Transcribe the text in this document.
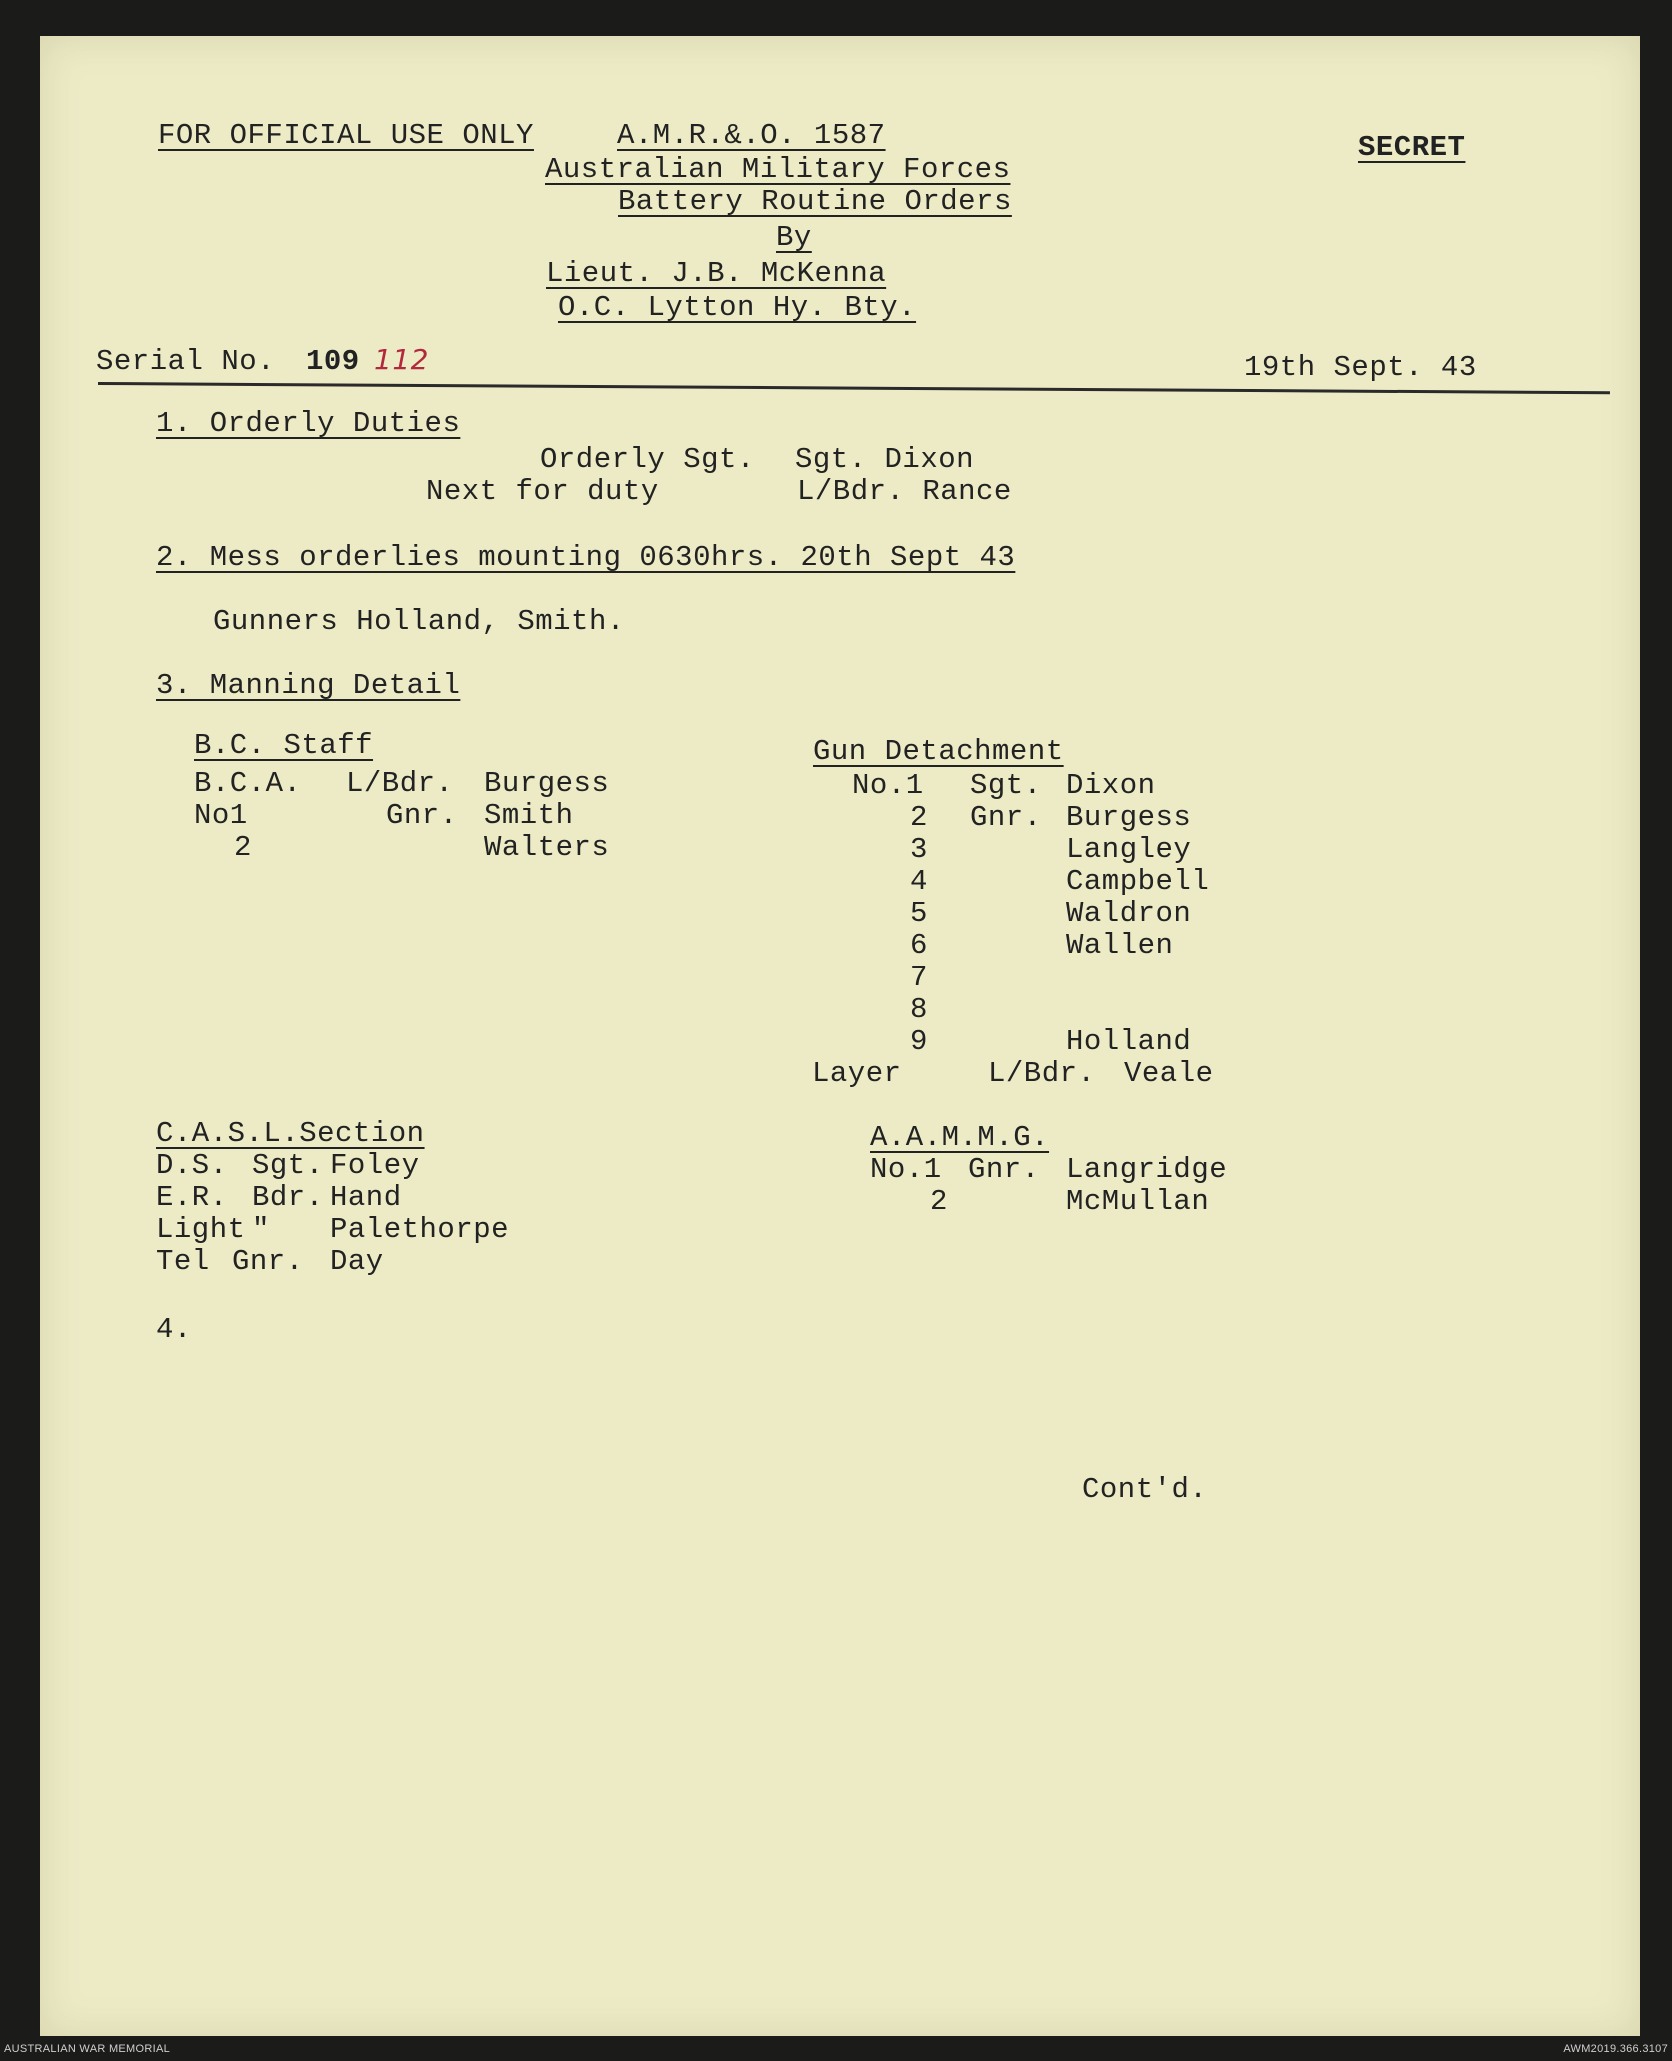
FOR OFFICIAL USE ONLY	A.M.R.&.O. 1587	SECRET
Australian Military Forces
Battery Routine Orders
By
Lieut. J.B. McKenna
O.C. Lytton Hy. Bty.
Serial No. 109 112	19th Sept. 43
1. Orderly Duties
Orderly Sgt. Sgt. Dixon
Next for duty	L/Bdr. Rance
2. Mess orderlies mounting 0630hrs. 20th Sept 43
Gunners Holland, Smith.
3. Manning Detail
B.C. Staff
B.C.A. L/Bdr. Burgess
No1	Gnr. Smith
2	Walters
Gun Detachment
No.1 Sgt. Dixon
2 Gnr. Burgess
3	Langley
4	Campbell
5	Waldron
6	Wallen
7
8
9	Holland
Layer	L/Bdr. Veale
C.A.S.L.Section
D.S. Sgt. Foley
E.R. Bdr. Hand
Light " Palethorpe
Tel Gnr. Day
A.A.M.M.G.
No.1 Gnr. Langridge
2	McMullan
4.
Cont'd.
AUSTRALIAN WAR MEMORIAL	AWM2019.366.3107
